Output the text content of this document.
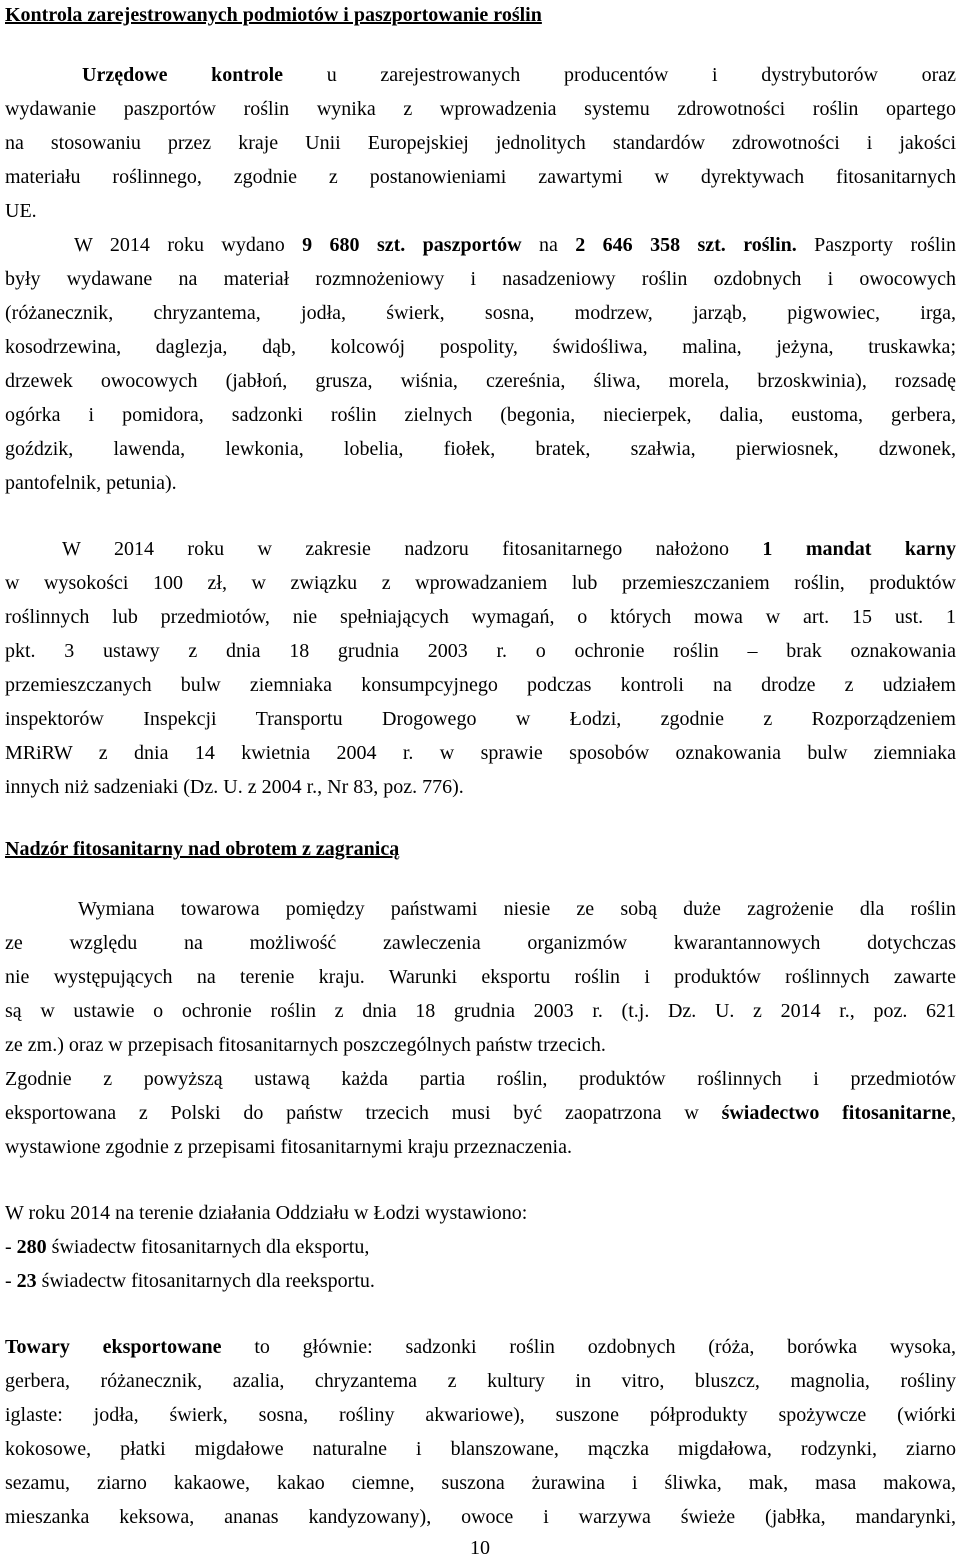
Kontrola zarejestrowanych podmiotów i paszportowanie roślin
Urzędowe kontrole u zarejestrowanych producentów i dystrybutorów oraz
wydawanie paszportów roślin wynika z wprowadzenia systemu zdrowotności roślin opartego
na stosowaniu przez kraje Unii Europejskiej jednolitych standardów zdrowotności i jakości
materiału roślinnego, zgodnie z postanowieniami zawartymi w dyrektywach fitosanitarnych
UE.
W 2014 roku wydano 9 680 szt. paszportów na 2 646 358 szt. roślin. Paszporty roślin
były wydawane na materiał rozmnożeniowy i nasadzeniowy roślin ozdobnych i owocowych
(różanecznik, chryzantema, jodła, świerk, sosna, modrzew, jarząb, pigwowiec, irga,
kosodrzewina, daglezja, dąb, kolcowój pospolity, świdośliwa, malina, jeżyna, truskawka;
drzewek owocowych (jabłoń, grusza, wiśnia, czereśnia, śliwa, morela, brzoskwinia), rozsadę
ogórka i pomidora, sadzonki roślin zielnych (begonia, niecierpek, dalia, eustoma, gerbera,
goździk, lawenda, lewkonia, lobelia, fiołek, bratek, szałwia, pierwiosnek, dzwonek,
pantofelnik, petunia).
W 2014 roku w zakresie nadzoru fitosanitarnego nałożono 1 mandat karny
w wysokości 100 zł, w związku z wprowadzaniem lub przemieszczaniem roślin, produktów
roślinnych lub przedmiotów, nie spełniających wymagań, o których mowa w art. 15 ust. 1
pkt. 3 ustawy z dnia 18 grudnia 2003 r. o ochronie roślin – brak oznakowania
przemieszczanych bulw ziemniaka konsumpcyjnego podczas kontroli na drodze z udziałem
inspektorów Inspekcji Transportu Drogowego w Łodzi, zgodnie z Rozporządzeniem
MRiRW z dnia 14 kwietnia 2004 r. w sprawie sposobów oznakowania bulw ziemniaka
innych niż sadzeniaki (Dz. U. z 2004 r., Nr 83, poz. 776).
Nadzór fitosanitarny nad obrotem z zagranicą
Wymiana towarowa pomiędzy państwami niesie ze sobą duże zagrożenie dla roślin
ze względu na możliwość zawleczenia organizmów kwarantannowych dotychczas
nie występujących na terenie kraju. Warunki eksportu roślin i produktów roślinnych zawarte
są w ustawie o ochronie roślin z dnia 18 grudnia 2003 r. (t.j. Dz. U. z 2014 r., poz. 621
ze zm.) oraz w przepisach fitosanitarnych poszczególnych państw trzecich.
Zgodnie z powyższą ustawą każda partia roślin, produktów roślinnych i przedmiotów
eksportowana z Polski do państw trzecich musi być zaopatrzona w świadectwo fitosanitarne,
wystawione zgodnie z przepisami fitosanitarnymi kraju przeznaczenia.
W roku 2014 na terenie działania Oddziału w Łodzi wystawiono:
- 280 świadectw fitosanitarnych dla eksportu,
- 23 świadectw fitosanitarnych dla reeksportu.
Towary eksportowane to głównie: sadzonki roślin ozdobnych (róża, borówka wysoka,
gerbera, różanecznik, azalia, chryzantema z kultury in vitro, bluszcz, magnolia, rośliny
iglaste: jodła, świerk, sosna, rośliny akwariowe), suszone półprodukty spożywcze (wiórki
kokosowe, płatki migdałowe naturalne i blanszowane, mączka migdałowa, rodzynki, ziarno
sezamu, ziarno kakaowe, kakao ciemne, suszona żurawina i śliwka, mak, masa makowa,
mieszanka keksowa, ananas kandyzowany), owoce i warzywa świeże (jabłka, mandarynki,
10
